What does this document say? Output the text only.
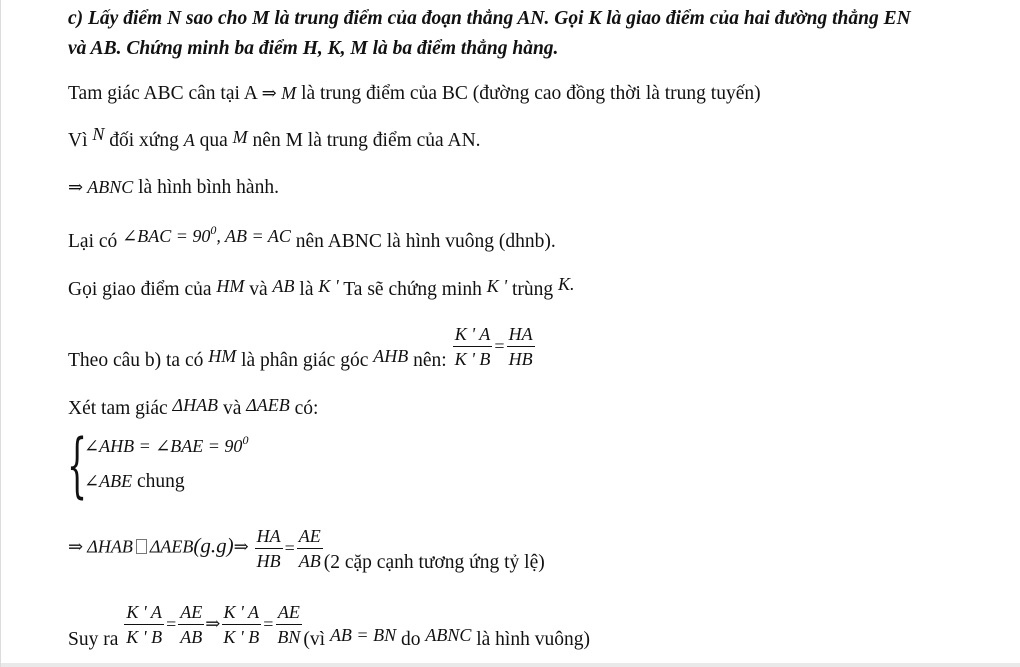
c) Lấy điểm N sao cho M là trung điểm của đoạn thẳng AN. Gọi K là giao điểm của hai đường thẳng EN
và AB. Chứng minh ba điểm H, K, M là ba điểm thẳng hàng.
Tam giác ABC cân tại A ⇒ M là trung điểm của BC (đường cao đồng thời là trung tuyến)
Vì N đối xứng A qua M nên M là trung điểm của AN.
⇒ ABNC là hình bình hành.
Lại có ∠BAC = $90^0$, AB = AC nên ABNC là hình vuông (dhnb).
Gọi giao điểm của HM và AB là K ' Ta sẽ chứng minh K ' trùng K.
Theo câu b) ta có HM là phân giác góc AHB nên: $\frac{K ' A}{K ' B} = \frac{HA}{HB}$
Xét tam giác ΔHAB và ΔAEB có:
{
∠AHB = ∠BAE = $90^0$
∠ABE chung
⇒ ΔHAB ΔAEB(g.g)⇒ $\frac{HA}{HB} = \frac{AE}{AB} (2$ cặp cạnh tương ứng tỷ lệ)
Suy ra $\frac{K ' A}{K ' B} = \frac{AE}{AB}$ ⇒ $\frac{K ' A}{K ' B} = \frac{AE}{BN}$ (vì AB = BN do ABNC là hình vuông)
